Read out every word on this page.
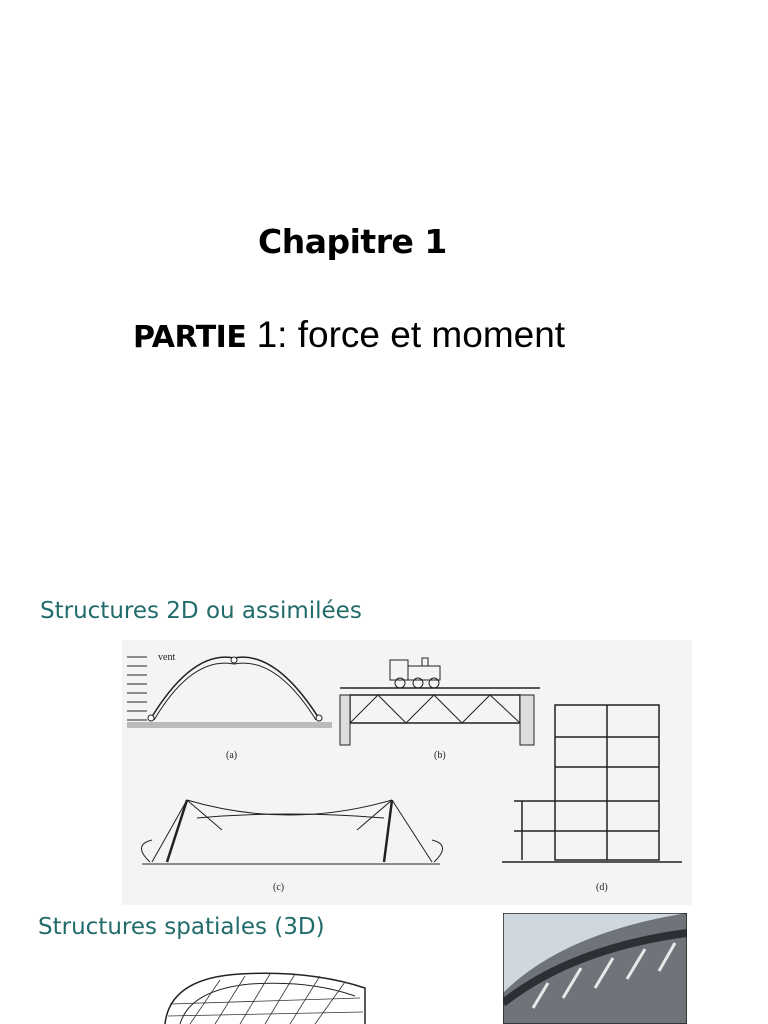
Chapitre 1
PARTIE 1: force et moment
Structures 2D ou assimilées
vent
(a)	(b)
(c)	(d)
Structures spatiales (3D)
